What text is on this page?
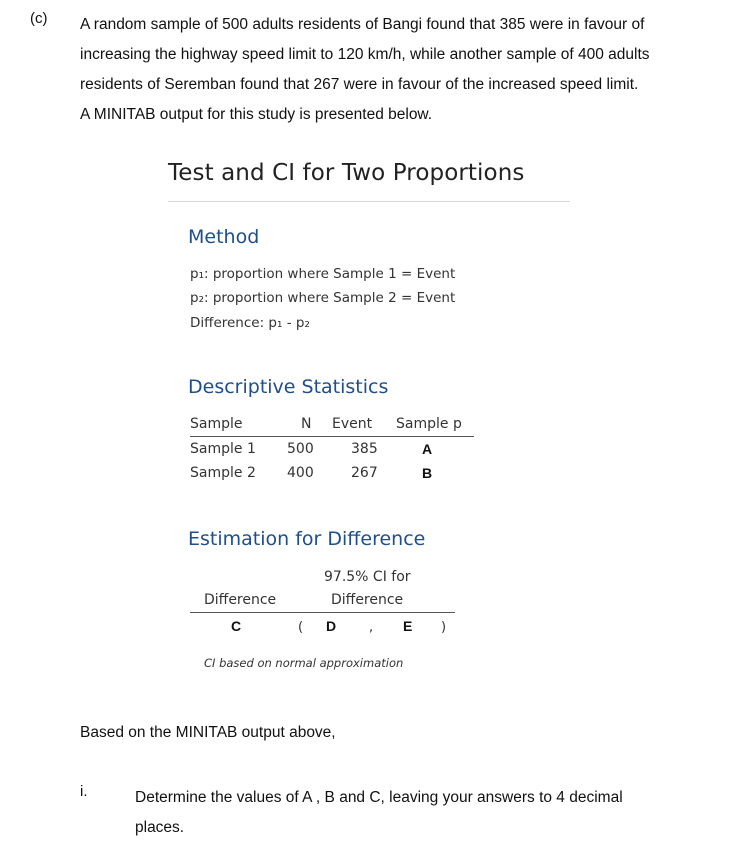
(c) A random sample of 500 adults residents of Bangi found that 385 were in favour of
increasing the highway speed limit to 120 km/h, while another sample of 400 adults
residents of Seremban found that 267 were in favour of the increased speed limit.
A MINITAB output for this study is presented below.
Test and CI for Two Proportions
Method
p₁: proportion where Sample 1 = Event
p₂: proportion where Sample 2 = Event
Difference: p₁ - p₂
Descriptive Statistics
Sample	N Event Sample p
Sample 1 500	385	A
Sample 2 400	267	B
Estimation for Difference
97.5% CI for
Difference	Difference
C	( D	, E )
CI based on normal approximation
Based on the MINITAB output above,
i.	Determine the values of A , B and C, leaving your answers to 4 decimal
places.
